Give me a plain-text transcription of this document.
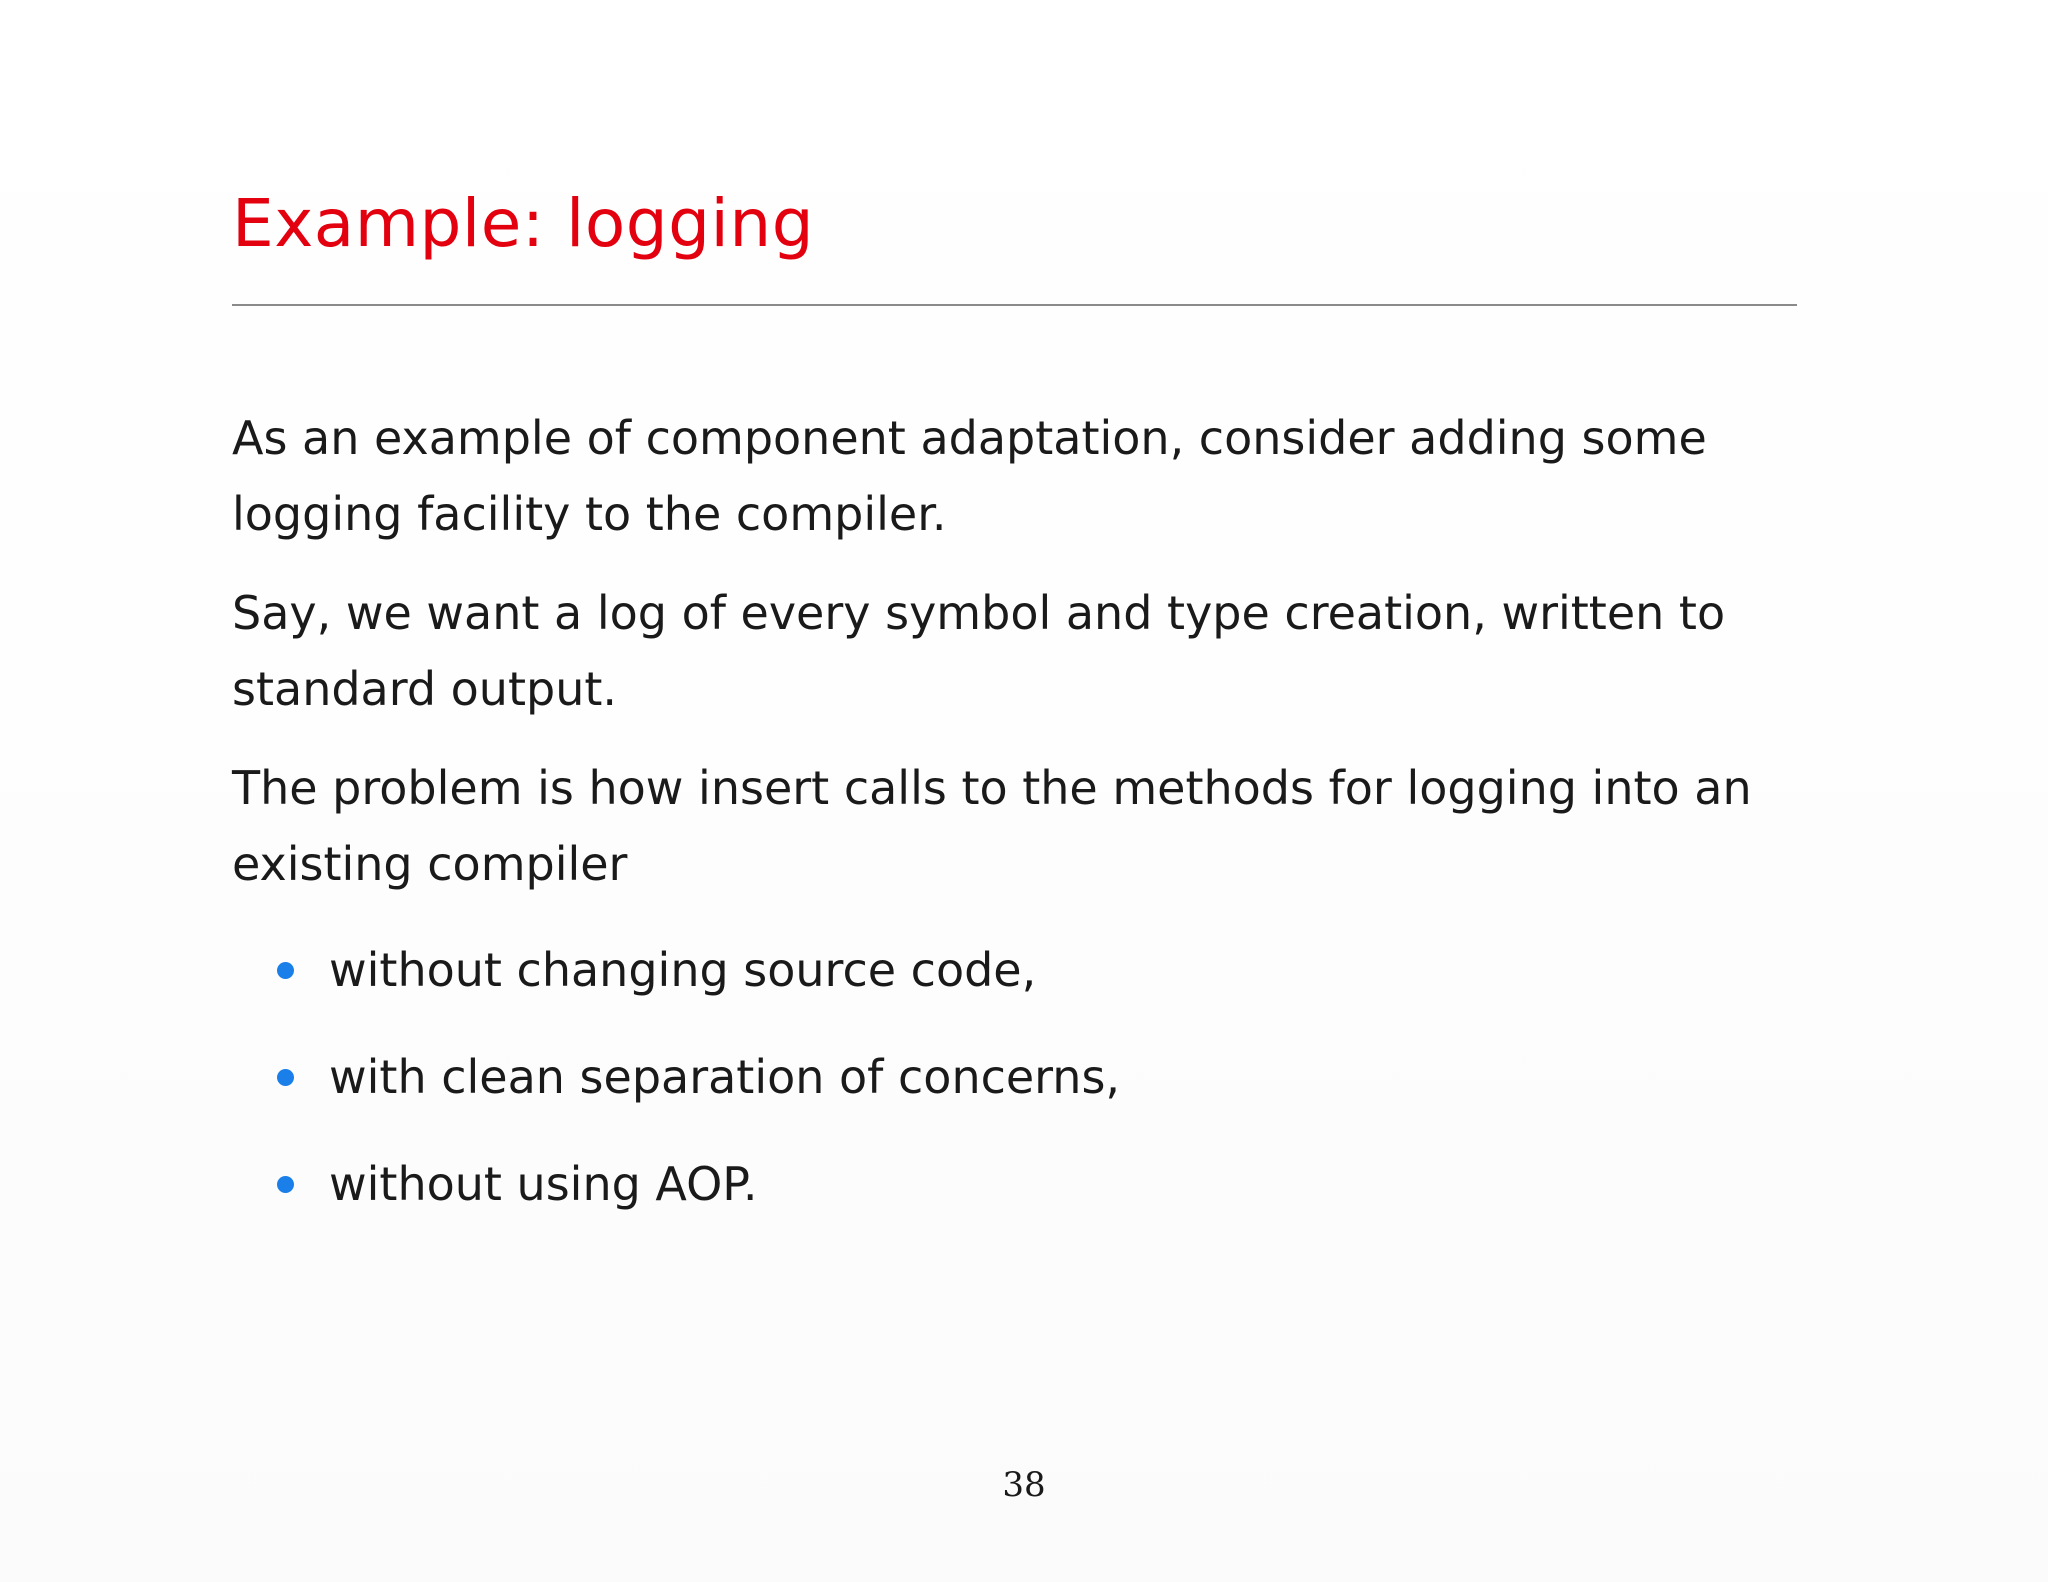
Example: logging

As an example of component adaptation, consider adding some logging facility to the compiler.

Say, we want a log of every symbol and type creation, written to standard output.

The problem is how insert calls to the methods for logging into an existing compiler

without changing source code,
with clean separation of concerns,
without using AOP.
38
